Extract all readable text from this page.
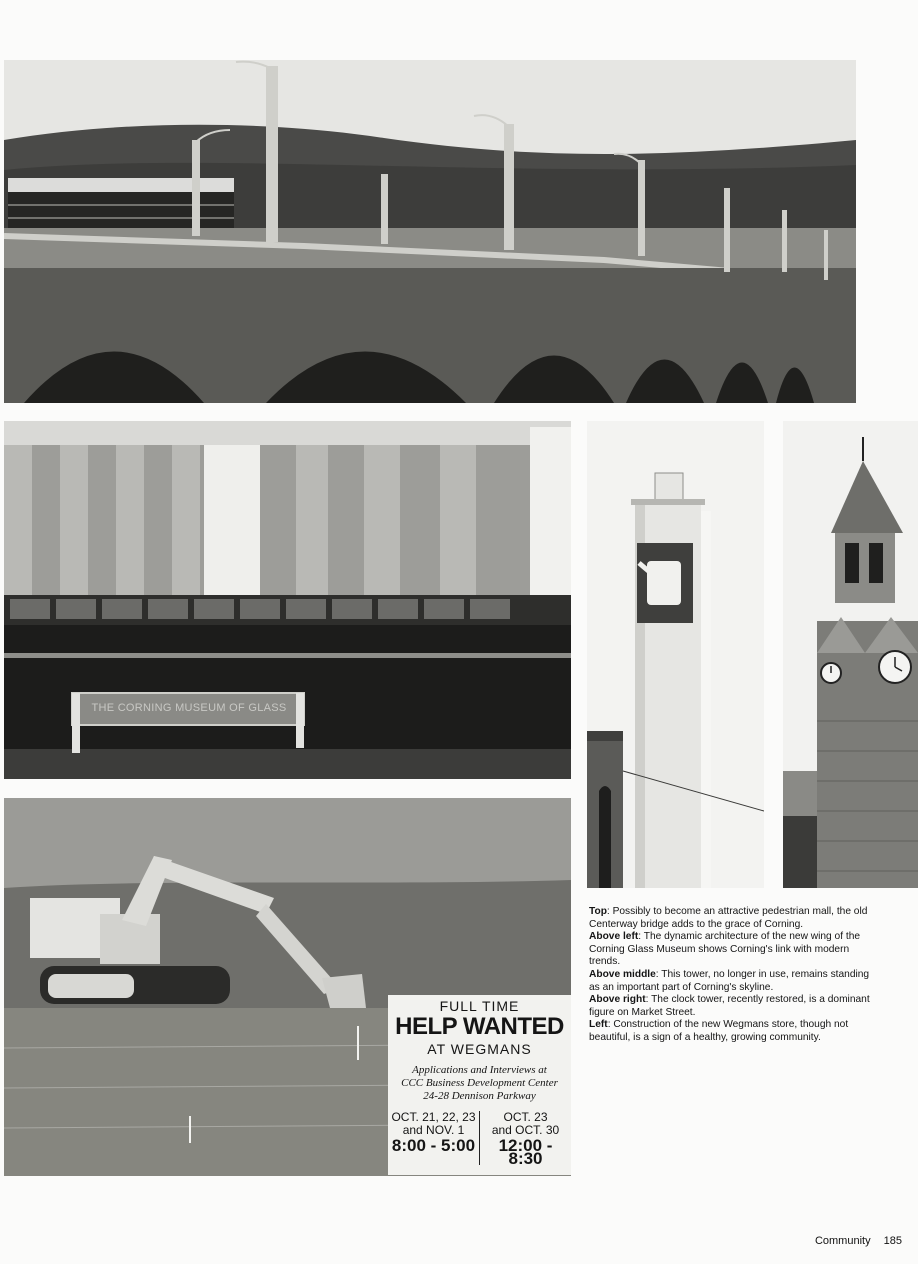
THE CORNING MUSEUM OF GLASS
FULL TIME
HELP WANTED
AT WEGMANS
Applications and Interviews at
CCC Business Development Center
24-28 Dennison Parkway
OCT. 21, 22, 23
and NOV. 1
8:00 - 5:00
OCT. 23
and OCT. 30
12:00 - 8:30

Top: Possibly to become an attractive pedestrian mall, the old Centerway bridge adds to the grace of Corning.

Above left: The dynamic architecture of the new wing of the Corning Glass Museum shows Corning's link with modern trends.

Above middle: This tower, no longer in use, remains standing as an important part of Corning's skyline.

Above right: The clock tower, recently restored, is a dominant figure on Market Street.

Left: Construction of the new Wegmans store, though not beautiful, is a sign of a healthy, growing community.

Community 185
